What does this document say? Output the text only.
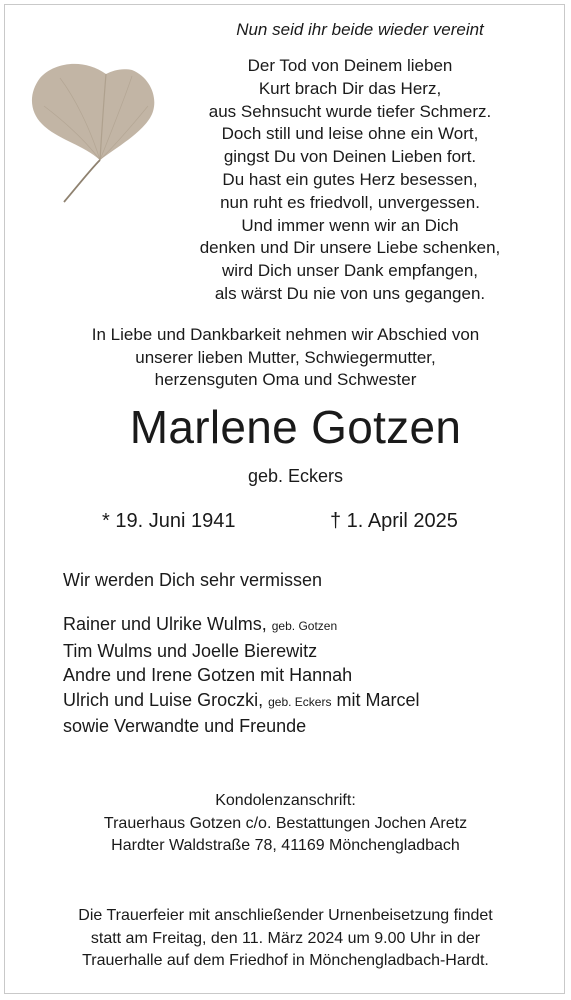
Nun seid ihr beide wieder vereint
Der Tod von Deinem lieben
Kurt brach Dir das Herz,
aus Sehnsucht wurde tiefer Schmerz.
Doch still und leise ohne ein Wort,
gingst Du von Deinen Lieben fort.
Du hast ein gutes Herz besessen,
nun ruht es friedvoll, unvergessen.
Und immer wenn wir an Dich
denken und Dir unsere Liebe schenken,
wird Dich unser Dank empfangen,
als wärst Du nie von uns gegangen.
In Liebe und Dankbarkeit nehmen wir Abschied von
unserer lieben Mutter, Schwiegermutter,
herzensguten Oma und Schwester
Marlene Gotzen
geb. Eckers
* 19. Juni 1941	† 1. April 2025
Wir werden Dich sehr vermissen
Rainer und Ulrike Wulms, geb. Gotzen
Tim Wulms und Joelle Bierewitz
Andre und Irene Gotzen mit Hannah
Ulrich und Luise Groczki, geb. Eckers mit Marcel
sowie Verwandte und Freunde
Kondolenzanschrift:
Trauerhaus Gotzen c/o. Bestattungen Jochen Aretz
Hardter Waldstraße 78, 41169 Mönchengladbach
Die Trauerfeier mit anschließender Urnenbeisetzung findet
statt am Freitag, den 11. März 2024 um 9.00 Uhr in der
Trauerhalle auf dem Friedhof in Mönchengladbach-Hardt.
